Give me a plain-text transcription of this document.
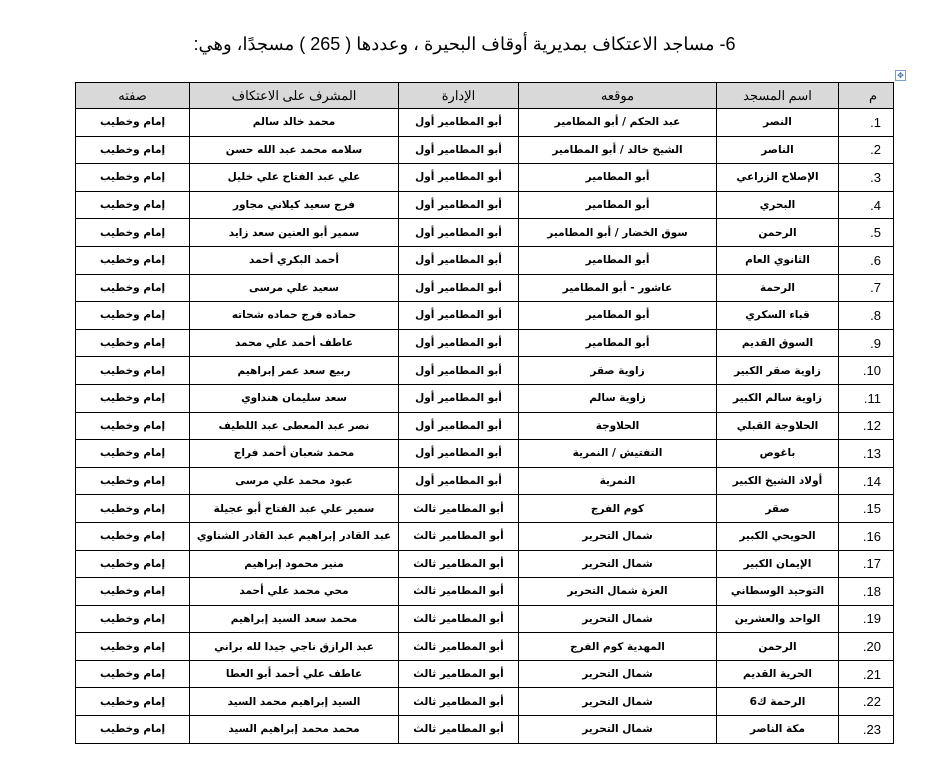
6- مساجد الاعتكاف بمديرية أوقاف البحيرة ، وعددها ( 265 ) مسجدًا، وهي:
✥
م	اسم المسجد	موقعه	الإدارة	المشرف على الاعتكاف	صفته
1.	النصر	عبد الحكم / أبو المطامير	أبو المطامير أول	محمد خالد سالم	إمام وخطيب
2.	الناصر	الشيخ خالد / أبو المطامير	أبو المطامير أول	سلامه محمد عبد الله حسن	إمام وخطيب
3.	الإصلاح الزراعي	أبو المطامير	أبو المطامير أول	علي عبد الفتاح علي خليل	إمام وخطيب
4.	البحري	أبو المطامير	أبو المطامير أول	فرج سعيد كيلاني مجاور	إمام وخطيب
5.	الرحمن	سوق الخضار / أبو المطامير	أبو المطامير أول	سمير أبو العنين سعد زايد	إمام وخطيب
6.	الثانوي العام	أبو المطامير	أبو المطامير أول	أحمد البكري أحمد	إمام وخطيب
7.	الرحمة	عاشور - أبو المطامير	أبو المطامير أول	سعيد علي مرسى	إمام وخطيب
8.	قباء السكري	أبو المطامير	أبو المطامير أول	حماده فرج حماده شحاته	إمام وخطيب
9.	السوق القديم	أبو المطامير	أبو المطامير أول	عاطف أحمد علي محمد	إمام وخطيب
10.	زاوية صقر الكبير	زاوية صقر	أبو المطامير أول	ربيع سعد عمر إبراهيم	إمام وخطيب
11.	زاوية سالم الكبير	زاوية سالم	أبو المطامير أول	سعد سليمان هنداوي	إمام وخطيب
12.	الحلاوجة القبلي	الحلاوجة	أبو المطامير أول	نصر عبد المعطى عبد اللطيف	إمام وخطيب
13.	باغوص	التفتيش / النمرية	أبو المطامير أول	محمد شعبان أحمد فراج	إمام وخطيب
14.	أولاد الشيخ الكبير	النمرية	أبو المطامير أول	عبود محمد علي مرسى	إمام وخطيب
15.	صقر	كوم الفرج	أبو المطامير ثالث	سمير علي عبد الفتاح أبو عجيلة	إمام وخطيب
16.	الحويحي الكبير	شمال التحرير	أبو المطامير ثالث	عبد القادر إبراهيم عبد القادر الشناوي	إمام وخطيب
17.	الإيمان الكبير	شمال التحرير	أبو المطامير ثالث	منير محمود إبراهيم	إمام وخطيب
18.	التوحيد الوسطاني	العزة شمال التحرير	أبو المطامير ثالث	محي محمد علي أحمد	إمام وخطيب
19.	الواحد والعشرين	شمال التحرير	أبو المطامير ثالث	محمد سعد السيد إبراهيم	إمام وخطيب
20.	الرحمن	المهدية كوم الفرج	أبو المطامير ثالث	عبد الرازق ناجي جيدا لله براني	إمام وخطيب
21.	الحرية القديم	شمال التحرير	أبو المطامير ثالث	عاطف علي أحمد أبو العطا	إمام وخطيب
22.	الرحمة ك6	شمال التحرير	أبو المطامير ثالث	السيد إبراهيم محمد السيد	إمام وخطيب
23.	مكة الناصر	شمال التحرير	أبو المطامير ثالث	محمد محمد إبراهيم السيد	إمام وخطيب
